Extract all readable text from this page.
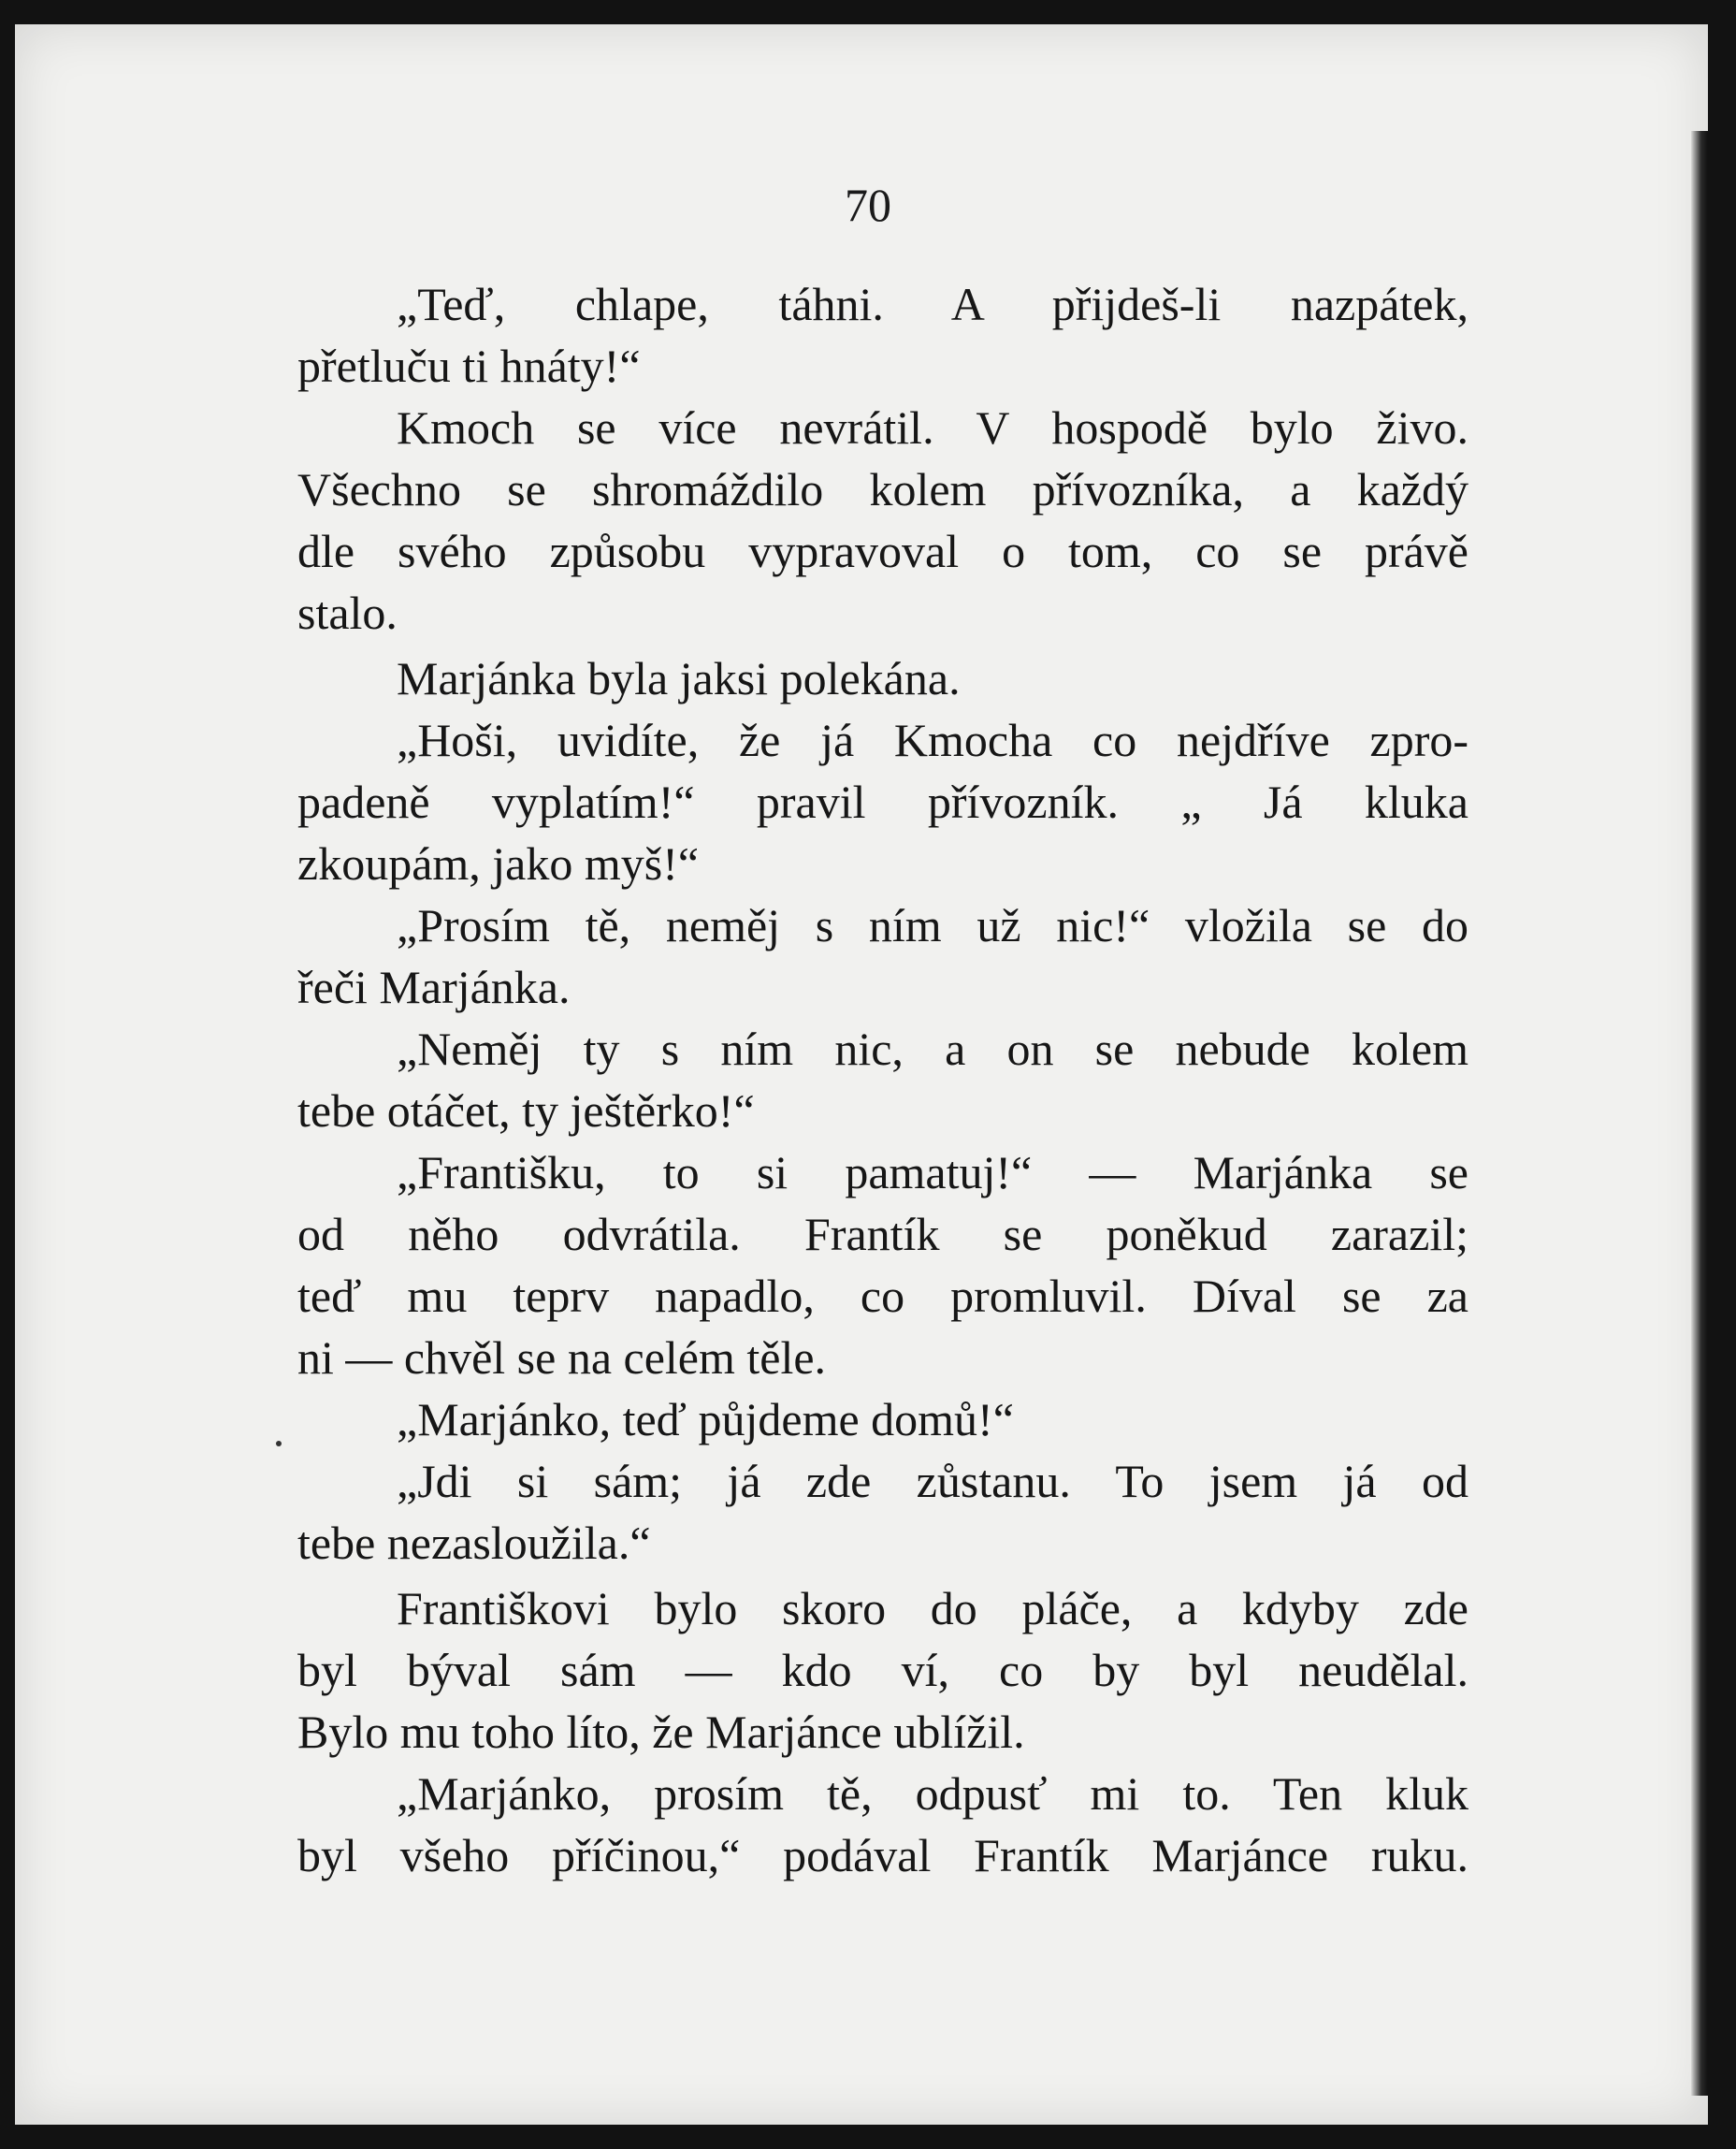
70
„Teď, chlape, táhni. A přijdeš-li nazpátek,
přetluču ti hnáty!“
Kmoch se více nevrátil. V hospodě bylo živo.
Všechno se shromáždilo kolem přívozníka, a každý
dle svého způsobu vypravoval o tom, co se právě
stalo.
Marjánka byla jaksi polekána.
„Hoši, uvidíte, že já Kmocha co nejdříve zpro-
padeně vyplatím!“ pravil přívozník. „ Já kluka
zkoupám, jako myš!“
„Prosím tě, neměj s ním už nic!“ vložila se do
řeči Marjánka.
„Neměj ty s ním nic, a on se nebude kolem
tebe otáčet, ty ještěrko!“
„Františku, to si pamatuj!“ — Marjánka se
od něho odvrátila. Frantík se poněkud zarazil;
teď mu teprv napadlo, co promluvil. Díval se za
ni — chvěl se na celém těle.
„Marjánko, teď půjdeme domů!“
„Jdi si sám; já zde zůstanu. To jsem já od
tebe nezasloužila.“
Františkovi bylo skoro do pláče, a kdyby zde
byl býval sám — kdo ví, co by byl neudělal.
Bylo mu toho líto, že Marjánce ublížil.
„Marjánko, prosím tě, odpusť mi to. Ten kluk
byl všeho příčinou,“ podával Frantík Marjánce ruku.
